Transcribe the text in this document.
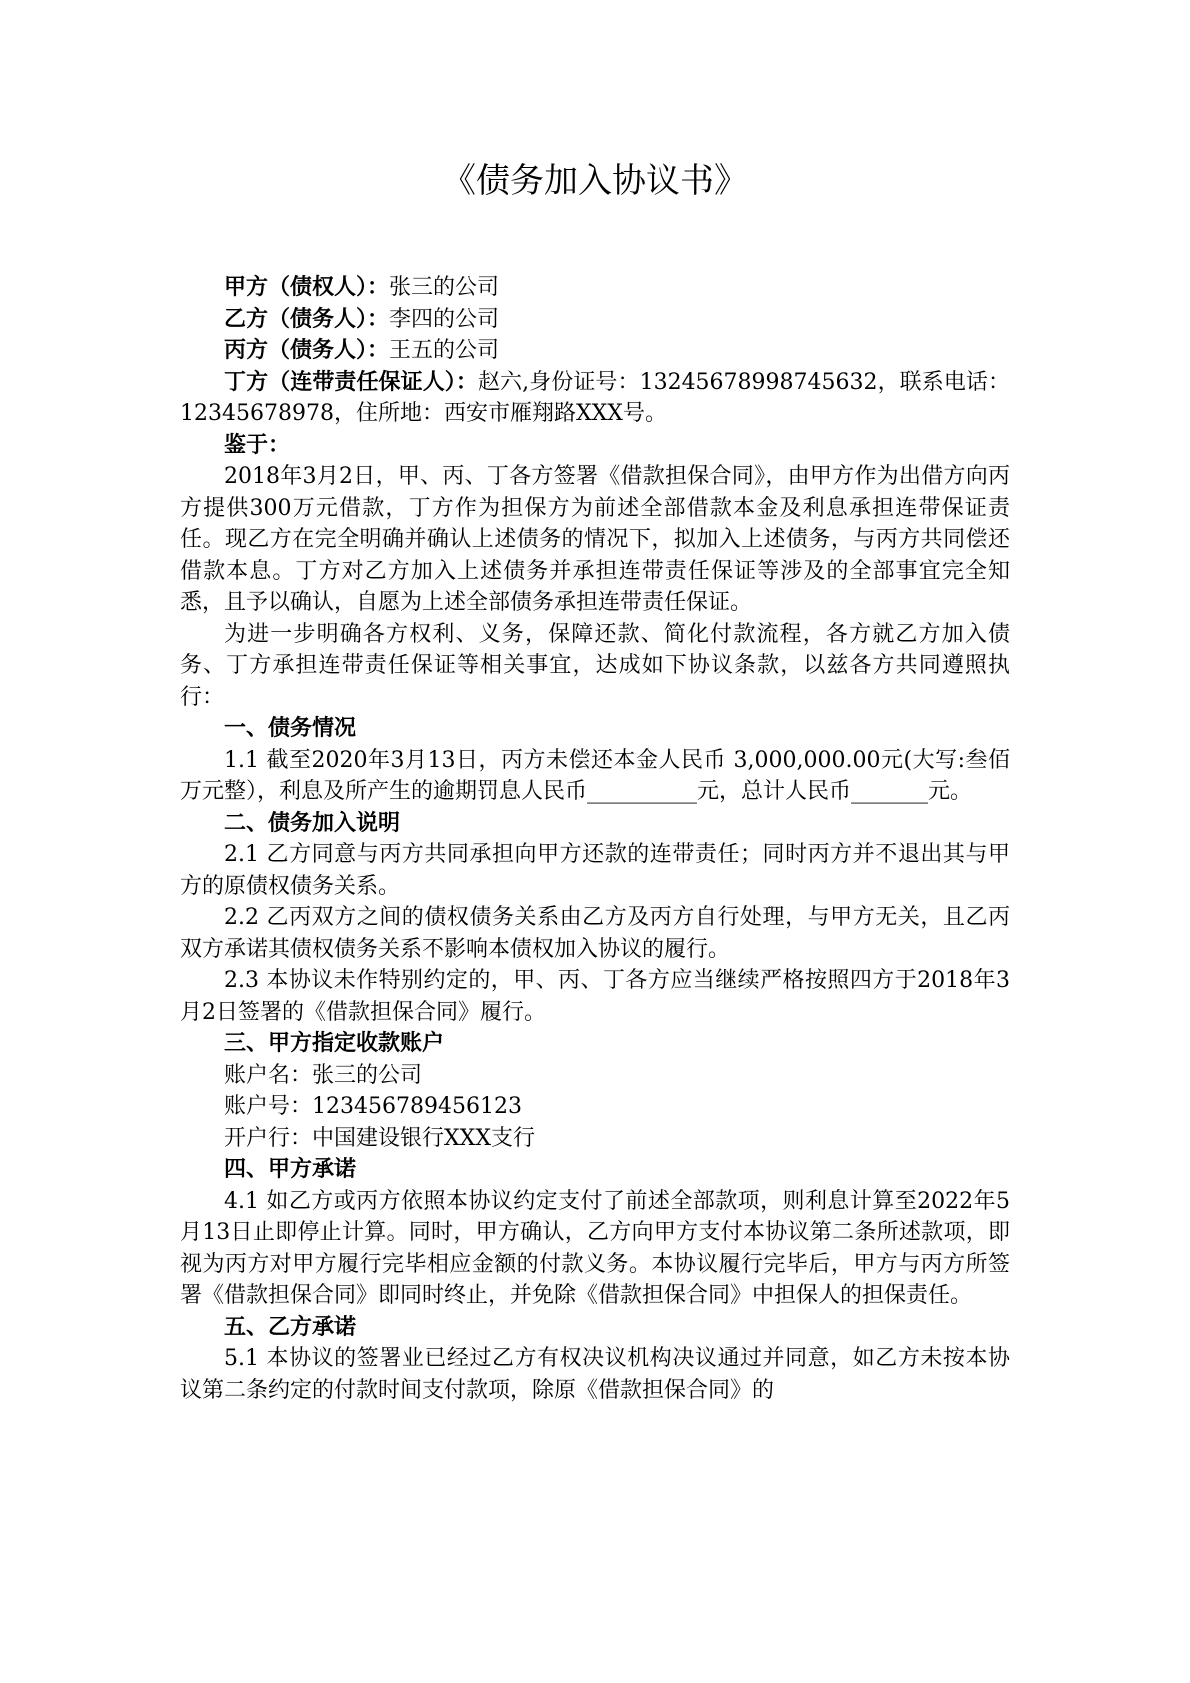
《债务加入协议书》

甲方（债权人）：张三的公司

乙方（债务人）：李四的公司

丙方（债务人）：王五的公司

丁方（连带责任保证人）：赵六,身份证号：13245678998745632，联系电话：12345678978，住所地：西安市雁翔路XXX号。

鉴于：

2018年3月2日，甲、丙、丁各方签署《借款担保合同》，由甲方作为出借方向丙方提供300万元借款，丁方作为担保方为前述全部借款本金及利息承担连带保证责任。现乙方在完全明确并确认上述债务的情况下，拟加入上述债务，与丙方共同偿还借款本息。丁方对乙方加入上述债务并承担连带责任保证等涉及的全部事宜完全知悉，且予以确认，自愿为上述全部债务承担连带责任保证。

为进一步明确各方权利、义务，保障还款、简化付款流程，各方就乙方加入债务、丁方承担连带责任保证等相关事宜，达成如下协议条款，以兹各方共同遵照执行：

一、债务情况

1.1 截至2020年3月13日，丙方未偿还本金人民币 3,000,000.00元(大写:叁佰万元整），利息及所产生的逾期罚息人民币__________元，总计人民币_______元。

二、债务加入说明

2.1 乙方同意与丙方共同承担向甲方还款的连带责任；同时丙方并不退出其与甲方的原债权债务关系。

2.2 乙丙双方之间的债权债务关系由乙方及丙方自行处理，与甲方无关，且乙丙双方承诺其债权债务关系不影响本债权加入协议的履行。

2.3 本协议未作特别约定的，甲、丙、丁各方应当继续严格按照四方于2018年3月2日签署的《借款担保合同》履行。

三、甲方指定收款账户

账户名：张三的公司

账户号：123456789456123

开户行：中国建设银行XXX支行

四、甲方承诺

4.1 如乙方或丙方依照本协议约定支付了前述全部款项，则利息计算至2022年5月13日止即停止计算。同时，甲方确认，乙方向甲方支付本协议第二条所述款项，即视为丙方对甲方履行完毕相应金额的付款义务。本协议履行完毕后，甲方与丙方所签署《借款担保合同》即同时终止，并免除《借款担保合同》中担保人的担保责任。

五、乙方承诺

5.1 本协议的签署业已经过乙方有权决议机构决议通过并同意，如乙方未按本协议第二条约定的付款时间支付款项，除原《借款担保合同》的
